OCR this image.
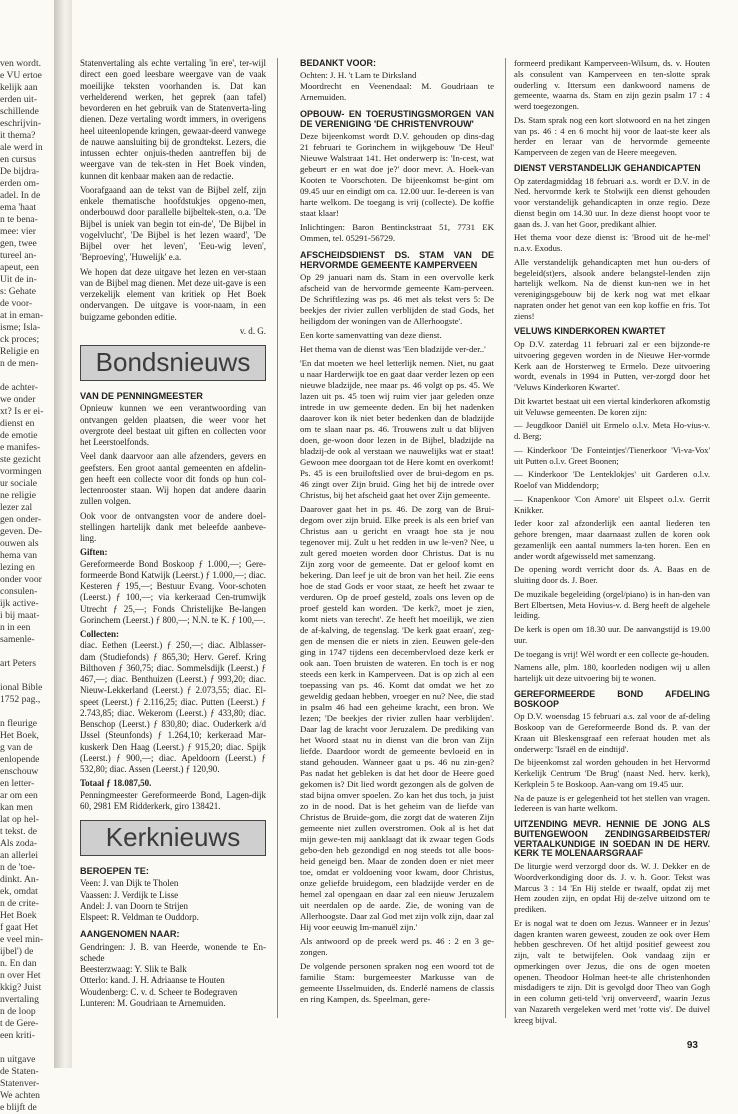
ven wordt.
e VU ertoe
kelijk aan
erden uit-
schillende
eschrijvin-
it thema?
ale werd in
en cursus
De bijdra-
erden om-
adel. In de
ema 'haat
n te bena-
mee: vier
gen, twee
tureel an-
apeut, een
Uit de in-
s: Gehate
de voor-
at in eman-
isme; Isla-
ck proces;
Religie en
n de men-
de achter-
we onder
xt? Is er ei-
dienst en
de emotie
e manifes-
ste gezicht
vormingen
ur sociale
ne religie
lezer zal
gen onder-
geven. De-
ouwen als
hema van
lezing en
onder voor
consulen-
ijk active-
i bij maat-
n in een
samenle-
art Peters
ional Bible
1752 pag.,
n fleurige
Het Boek,
g van de
enlopende
enschouw
en letter-
ar om een
kan men
lat op hel-
t tekst. de
Als zoda-
an allerlei
n de 'toe-
dinkt. An-
ek, omdat
n de crite-
Het Boek
f gaat Het
e veel min-
ijbel') de
n. En dan
n over Het
kkig? Juist
nvertaling
n de loop
t de Gere-
een kriti-
n uitgave
de Staten-
Statenver-
We achten
e blijft de

Statenvertaling als echte vertaling 'in ere', ter-wijl direct een goed leesbare weergave van de vaak moeilijke teksten voorhanden is. Dat kan verhelderend werken, het geprek (aan tafel) bevorderen en het gebruik van de Statenverta-ling dienen. Deze vertaling wordt immers, in overigens heel uiteenlopende kringen, gewaar-deerd vanwege de nauwe aansluiting bij de grondtekst. Lezers, die intussen echter onjuis-theden aantreffen bij de weergave van de tek-sten in Het Boek vinden, kunnen dit kenbaar maken aan de redactie.

Voorafgaand aan de tekst van de Bijbel zelf, zijn enkele thematische hoofdstukjes opgeno-men, onderbouwd door parallelle bijbeltek-sten, o.a. 'De Bijbel is uniek van begin tot ein-de', 'De Bijbel in vogelvlucht', 'De Bijbel is het lezen waard', 'De Bijbel over het leven', 'Eeu-wig leven', 'Beproeving', 'Huwelijk' e.a.

We hopen dat deze uitgave het lezen en ver-staan van de Bijbel mag dienen. Met deze uit-gave is een verzekelijk element van kritiek op Het Boek ondervangen. De uitgave is voor-naam, in een buigzame gebonden editie.

v. d. G.

Bondsnieuws
VAN DE PENNINGMEESTER

Opnieuw kunnen we een verantwoording van ontvangen gelden plaatsen, die weer voor het overgrote deel bestaat uit giften en collecten voor het Leerstoelfonds.

Veel dank daarvoor aan alle afzenders, gevers en geefsters. Een groot aantal gemeenten en afdelin-gen heeft een collecte voor dit fonds op hun col-lectenrooster staan. Wij hopen dat andere daarin zullen volgen.

Ook voor de ontvangsten voor de andere doel-stellingen hartelijk dank met beleefde aanbeve-ling.

Giften:

Gereformeerde Bond Boskoop ƒ 1.000,—; Gere-formeerde Bond Katwijk (Leerst.) ƒ 1.000,—; diac. Kesteren ƒ 195,—; Bestuur Evang. Voor-schoten (Leerst.) ƒ 100,—; via kerkeraad Cen-trumwijk Utrecht ƒ 25,—; Fonds Christelijke Be-langen Gorinchem (Leerst.) ƒ 800,—; N.N. te K. ƒ 100,—.

Collecten:

diac. Eethen (Leerst.) ƒ 250,—; diac. Alblasser-dam (Studiefonds) ƒ 865,30; Herv. Geref. Kring Bilthoven ƒ 360,75; diac. Sommelsdijk (Leerst.) ƒ 467,—; diac. Benthuizen (Leerst.) ƒ 993,20; diac. Nieuw-Lekkerland (Leerst.) ƒ 2.073,55; diac. El-speet (Leerst.) ƒ 2.116,25; diac. Putten (Leerst.) ƒ 2.743,85; diac. Wekerom (Leerst.) ƒ 433,80; diac. Benschop (Leerst.) ƒ 830,80; diac. Ouderkerk a/d IJssel (Steunfonds) ƒ 1.264,10; kerkeraad Mar-kuskerk Den Haag (Leerst.) ƒ 915,20; diac. Spijk (Leerst.) ƒ 900,—; diac. Apeldoorn (Leerst.) ƒ 532,80; diac. Assen (Leerst.) ƒ 120,90.

Totaal ƒ 18.087,50.

Penningmeester Gereformeerde Bond, Lagen-dijk 60, 2981 EM Ridderkerk, giro 138421.

Kerknieuws
BEROEPEN TE:
Veen: J. van Dijk te Tholen
Vaassen: J. Verdijk te Lisse
Andel: J. van Doorn te Strijen
Elspeet: R. Veldman te Ouddorp.
AANGENOMEN NAAR:
Gendringen: J. B. van Heerde, wonende te En-schede
Beesterzwaag: Y. Slik te Balk
Otterlo: kand. J. H. Adriaanse te Houten
Woudenberg: C. v. d. Scheer te Bodegraven
Lunteren: M. Goudriaan te Arnemuiden.
BEDANKT VOOR:
Ochten: J. H. 't Lam te Dirksland
Moordrecht en Veenendaal: M. Goudriaan te Arnemuiden.
OPBOUW- EN TOERUSTINGSMORGEN VAN DE VERENIGING 'DE CHRISTENVROUW'

Deze bijeenkomst wordt D.V. gehouden op dins-dag 21 februari te Gorinchem in wijkgebouw 'De Heul' Nieuwe Walstraat 141. Het onderwerp is: 'In-cest, wat gebeurt er en wat doe je?' door mevr. A. Hoek-van Kooten te Voorschoten. De bijeenkomst be-gint om 09.45 uur en eindigt om ca. 12.00 uur. Ie-dereen is van harte welkom. De toegang is vrij (collecte). De koffie staat klaar!

Inlichtingen: Baron Bentinckstraat 51, 7731 EK Ommen, tel. 05291-56729.

AFSCHEIDSDIENST DS. STAM VAN DE HERVORMDE GEMEENTE KAMPERVEEN

Op 29 januari nam ds. Stam in een overvolle kerk afscheid van de hervormde gemeente Kam-perveen. De Schriftlezing was ps. 46 met als tekst vers 5: De beekjes der rivier zullen verblijden de stad Gods, het heiligdom der woningen van de Allerhoogste'.

Een korte samenvatting van deze dienst.

Het thema van de dienst was 'Een bladzijde ver-der..'

'En dat moeten we heel letterlijk nemen. Niet, nu gaat u naar Harderwijk toe en gaat daar verder lezen op een nieuwe bladzijde, nee maar ps. 46 volgt op ps. 45. We lazen uit ps. 45 toen wij ruim vier jaar geleden onze intrede in uw gemeente deden. En bij het nadenken daarover kon ik niet beter bedenken dan de bladzijde om te slaan naar ps. 46. Trouwens zult u dat blijven doen, ge-woon door lezen in de Bijbel, bladzijde na bladzij-de ook al verstaan we nauwelijks wat er staat! Gewoon mee doorgaan tot de Here komt en overkomt! Ps. 45 is een bruiloftslied over de brui-degom en ps. 46 zingt over Zijn bruid. Ging het bij de intrede over Christus, bij het afscheid gaat het over Zijn gemeente.

Daarover gaat het in ps. 46. De zorg van de Brui-degom over zijn bruid. Elke preek is als een brief van Christus aan u gericht en vraagt hoe sta je nou tegenover mij. Zult u het redden in uw le-ven? Nee, u zult gered moeten worden door Christus. Dat is nu Zijn zorg voor de gemeente. Dat er geloof komt en bekering. Dan leef je uit de bron van het heil. Zie eens hoe de stad Gods er voor staat, ze heeft het zwaar te verduren. Op de proef gesteld, zoals ons leven op de proef gesteld kan worden. 'De kerk?, moet je zien, komt niets van terecht'. Ze heeft het moeilijk, we zien de af-kalving, de tegenslag. 'De kerk gaat eraan', zeg-gen de mensen die er niets in zien. Eeuwen gele-den ging in 1747 tijdens een decembervloed deze kerk er ook aan. Toen bruisten de wateren. En toch is er nog steeds een kerk in Kamperveen. Dat is op zich al een toepassing van ps. 46. Komt dat omdat we het zo geweldig gedaan hebben, vroeger en nu? Nee, die stad in psalm 46 had een geheime kracht, een bron. We lezen; 'De beekjes der rivier zullen haar verblijden'. Daar lag de kracht voor Jeruzalem. De prediking van het Woord staat nu in dienst van die bron van Zijn liefde. Daardoor wordt de gemeente bevloeid en in stand gehouden. Wanneer gaat u ps. 46 nu zin-gen? Pas nadat het gebleken is dat het door de Heere goed gekomen is? Dit lied wordt gezongen als de golven de stad bijna omver spoelen. Zo kan het dus toch, ja juist zo in de nood. Dat is het geheim van de liefde van Christus de Bruide-gom, die zorgt dat de wateren Zijn gemeente niet zullen overstromen. Ook al is het dat mijn gewe-ten mij aanklaagt dat ik zwaar tegen Gods gebo-den heb gezondigd en nog steeds tot alle boos-heid geneigd ben. Maar de zonden doen er niet meer toe, omdat er voldoening voor kwam, door Christus, onze geliefde bruidegom, een bladzijde verder en de hemel zal opengaan en daar zal een nieuw Jeruzalem uit neerdalen op de aarde. Zie, de woning van de Allerhoogste. Daar zal God met zijn volk zijn, daar zal Hij voor eeuwig Im-manuël zijn.'

Als antwoord op de preek werd ps. 46 : 2 en 3 ge-zongen.

De volgende personen spraken nog een woord tot de familie Stam: burgemeester Markusse van de gemeente IJsselmuiden, ds. Enderlé namens de classis en ring Kampen, ds. Speelman, gere-

formeerd predikant Kamperveen-Wilsum, ds. v. Houten als consulent van Kamperveen en ten-slotte sprak ouderling v. Ittersum een dankwoord namens de gemeente, waarna ds. Stam en zijn gezin psalm 17 : 4 werd toegezongen.

Ds. Stam sprak nog een kort slotwoord en na het zingen van ps. 46 : 4 en 6 mocht hij voor de laat-ste keer als herder en leraar van de hervormde gemeente Kamperveen de zegen van de Heere meegeven.

DIENST VERSTANDELIJK GEHANDICAPTEN

Op zaterdagmiddag 18 februari a.s. wordt er D.V. in de Ned. hervormde kerk te Stolwijk een dienst gehouden voor verstandelijk gehandicapten in onze regio. Deze dienst begin om 14.30 uur. In deze dienst hoopt voor te gaan ds. J. van het Goor, predikant alhier.

Het thema voor deze dienst is: 'Brood uit de he-mel' n.a.v. Exodus.

Alle verstandelijk gehandicapten met hun ou-ders of begeleid(st)ers, alsook andere belangstel-lenden zijn hartelijk welkom. Na de dienst kun-nen we in het verenigingsgebouw bij de kerk nog wat met elkaar napraten onder het genot van een kop koffie en fris. Tot ziens!

VELUWS KINDERKOREN KWARTET

Op D.V. zaterdag 11 februari zal er een bijzonde-re uitvoering gegeven worden in de Nieuwe Her-vormde Kerk aan de Horsterweg te Ermelo. Deze uitvoering wordt, evenals in 1994 in Putten, ver-zorgd door het 'Veluws Kinderkoren Kwartet'.

Dit kwartet bestaat uit een viertal kinderkoren afkomstig uit Veluwse gemeenten. De koren zijn:

— Jeugdkoor Daniël uit Ermelo o.l.v. Meta Ho-vius-v. d. Berg;

— Kinderkoor 'De Fonteintjes'/Tienerkoor 'Vi-va-Vox' uit Putten o.l.v. Greet Boonen;

— Kinderkoor 'De Lenteklokjes' uit Garderen o.l.v. Roelof van Middendorp;

— Knapenkoor 'Con Amore' uit Elspeet o.l.v. Gerrit Knikker.

Ieder koor zal afzonderlijk een aantal liederen ten gehore brengen, maar daarnaast zullen de koren ook gezamenlijk een aantal nummers la-ten horen. Een en ander wordt afgewisseld met samenzang.

De opening wordt verricht door ds. A. Baas en de sluiting door ds. J. Boer.

De muzikale begeleiding (orgel/piano) is in han-den van Bert Elbertsen, Meta Hovius-v. d. Berg heeft de algehele leiding.

De kerk is open om 18.30 uur. De aanvangstijd is 19.00 uur.

De toegang is vrij! Wèl wordt er een collecte ge-houden.

Namens alle, plm. 180, koorleden nodigen wij u allen hartelijk uit deze uitvoering bij te wonen.

GEREFORMEERDE BOND AFDELING BOSKOOP

Op D.V. woensdag 15 februari a.s. zal voor de af-deling Boskoop van de Gereformeerde Bond ds. P. van der Kraan uit Bleskensgraaf een referaat houden met als onderwerp: 'Israël en de eindtijd'.

De bijeenkomst zal worden gehouden in het Hervormd Kerkelijk Centrum 'De Brug' (naast Ned. herv. kerk), Kerkplein 5 te Boskoop. Aan-vang om 19.45 uur.

Na de pauze is er gelegenheid tot het stellen van vragen. Iedereen is van harte welkom.

UITZENDING MEVR. HENNIE DE JONG ALS BUITENGEWOON ZENDINGSARBEIDSTER/ VERTAALKUNDIGE IN SOEDAN IN DE HERV. KERK TE MOLENAARSGRAAF

De liturgie werd verzorgd door ds. W. J. Dekker en de Woordverkondiging door ds. J. v. h. Goor. Tekst was Marcus 3 : 14 'En Hij stelde er twaalf, opdat zij met Hem zouden zijn, en opdat Hij de-zelve uitzond om te prediken.

Er is nogal wat te doen om Jezus. Wanneer er in Jezus' dagen kranten waren geweest, zouden ze ook over Hem hebben geschreven. Of het altijd positief geweest zou zijn, valt te betwijfelen. Ook vandaag zijn er opmerkingen over Jezus, die ons de ogen moeten openen. Theodoor Holman heet-te alle christenhonden misdadigers te zijn. Dit is gevolgd door Theo van Gogh in een column geti-teld 'vrij onverveerd', waarin Jezus van Nazareth vergeleken werd met 'rotte vis'. De duivel kreeg bijval.

93
